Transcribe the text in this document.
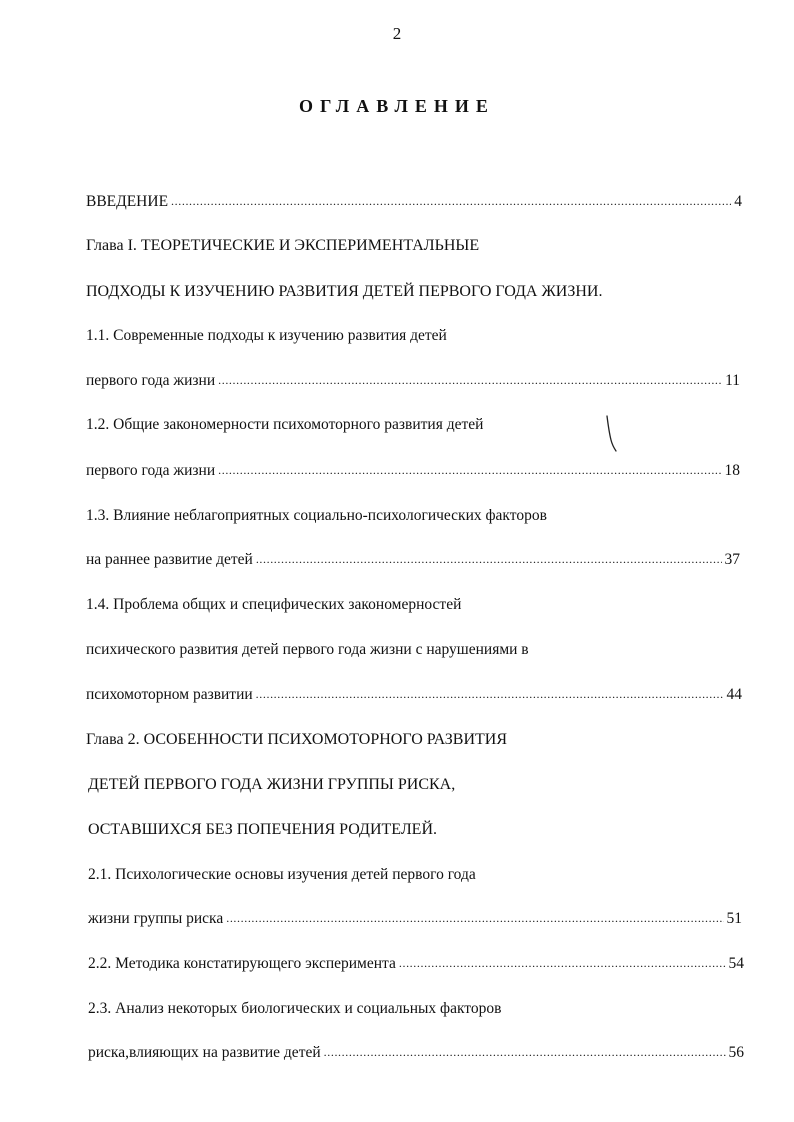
2
ОГЛАВЛЕНИЕ
ВВЕДЕНИЕ .....	4
Глава I. ТЕОРЕТИЧЕСКИЕ И ЭКСПЕРИМЕНТАЛЬНЫЕ
ПОДХОДЫ К ИЗУЧЕНИЮ РАЗВИТИЯ ДЕТЕЙ ПЕРВОГО ГОДА ЖИЗНИ.
1.1. Современные подходы к изучению развития детей
первого года жизни .....	11
1.2. Общие закономерности психомоторного развития детей
первого года жизни .....	18
1.3. Влияние неблагоприятных социально-психологических факторов
на раннее развитие детей .....	37
1.4. Проблема общих и специфических закономерностей
психического развития детей первого года жизни с нарушениями в
психомоторном развитии .....	44
Глава 2. ОСОБЕННОСТИ ПСИХОМОТОРНОГО РАЗВИТИЯ
ДЕТЕЙ ПЕРВОГО ГОДА ЖИЗНИ ГРУППЫ РИСКА,
ОСТАВШИХСЯ БЕЗ ПОПЕЧЕНИЯ РОДИТЕЛЕЙ.
2.1. Психологические основы изучения детей первого года
жизни группы риска .....	51
2.2. Методика констатирующего эксперимента .....	54
2.3. Анализ некоторых биологических и социальных факторов
риска,влияющих на развитие детей .....	56
